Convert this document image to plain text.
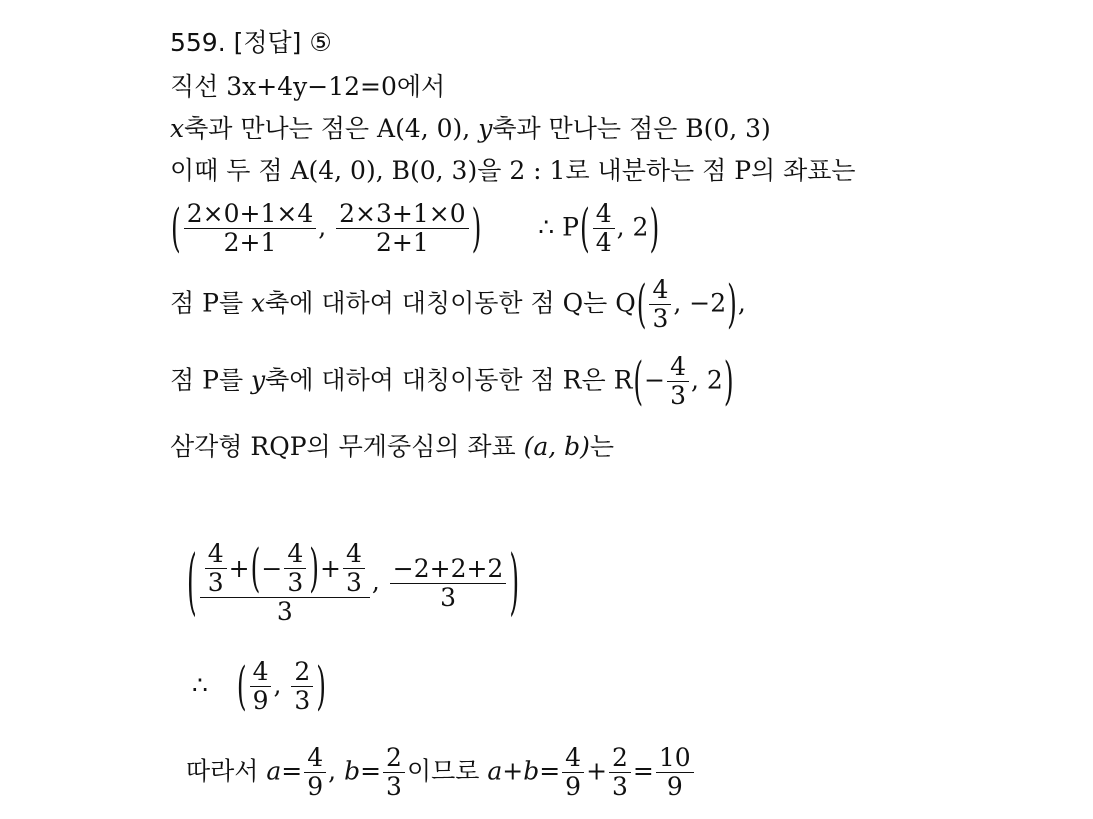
559. [정답] ⑤
직선 3x+4y−12=0에서
x축과 만나는 점은 A(4, 0), y축과 만나는 점은 B(0, 3)
이때 두 점 A(4, 0), B(0, 3)을 2 : 1로 내분하는 점 P의 좌표는
( $\frac{2\times 0+1\times 4}{2+1}$ , $\frac{2\times 3+1\times 0}{2+1}$ ) ∴ $P( \frac{4}{4}$ , 2)
점 P를 x축에 대하여 대칭이동한 점 Q는 $Q( \frac{4}{3}$ , −2),
점 P를 y축에 대하여 대칭이동한 점 R은 $R(- \frac{4}{3}$ , 2)
삼각형 RQP의 무게중심의 좌표 (a, b)는
( $\frac{\frac{4}{3} + ( - \frac{4}{3} ) + \frac{4}{3}}{3}$ , $\frac{-2+2+2}{3}$ )
∴ ( $\frac{4}{9}$ , $\frac{2}{3}$ )
따라서 $a= \frac{4}{9}$ , $b= \frac{2}{3}$ 이므로 $a+b= \frac{4}{9} + \frac{2}{3} = \frac{10}{9}$
